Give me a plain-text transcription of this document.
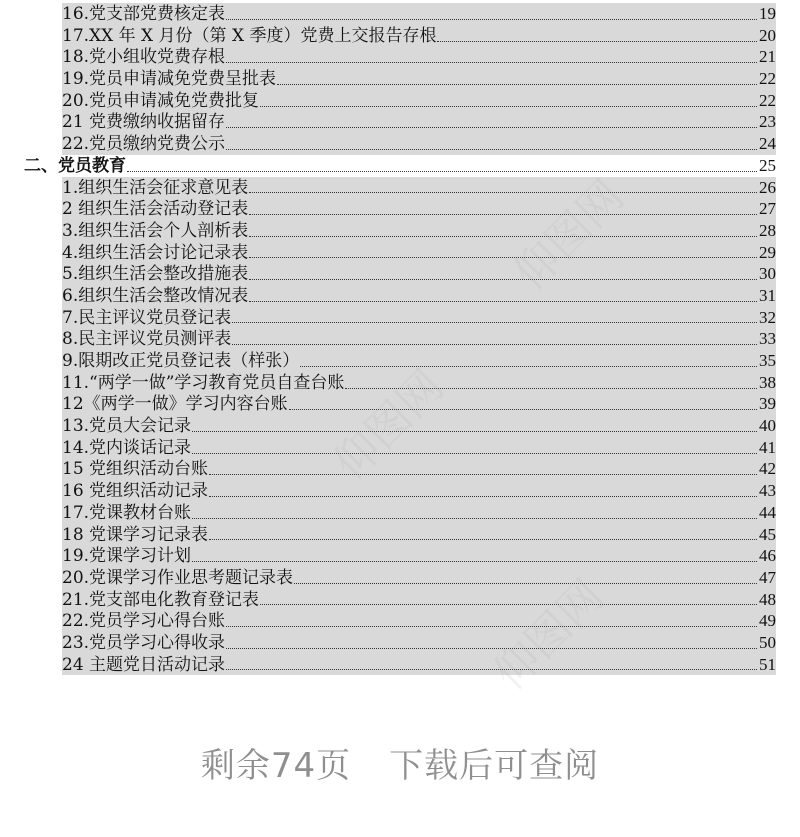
16.党支部党费核定表	19
17.XX 年 X 月份（第 X 季度）党费上交报告存根	20
18.党小组收党费存根	21
19.党员申请减免党费呈批表	22
20.党员申请减免党费批复	22
21 党费缴纳收据留存	23
22.党员缴纳党费公示	24
二、党员教育	25
1.组织生活会征求意见表	26
2 组织生活会活动登记表	27
3.组织生活会个人剖析表	28
4.组织生活会讨论记录表	29
5.组织生活会整改措施表	30
6.组织生活会整改情况表	31
7.民主评议党员登记表	32
8.民主评议党员测评表	33
9.限期改正党员登记表（样张）	35
11.“两学一做”学习教育党员自查台账	38
12《两学一做》学习内容台账	39
13.党员大会记录	40
14.党内谈话记录	41
15 党组织活动台账	42
16 党组织活动记录	43
17.党课教材台账	44
18 党课学习记录表	45
19.党课学习计划	46
20.党课学习作业思考题记录表	47
21.党支部电化教育登记表	48
22.党员学习心得台账	49
23.党员学习心得收录	50
24 主题党日活动记录	51
剩余74页 下载后可查阅
